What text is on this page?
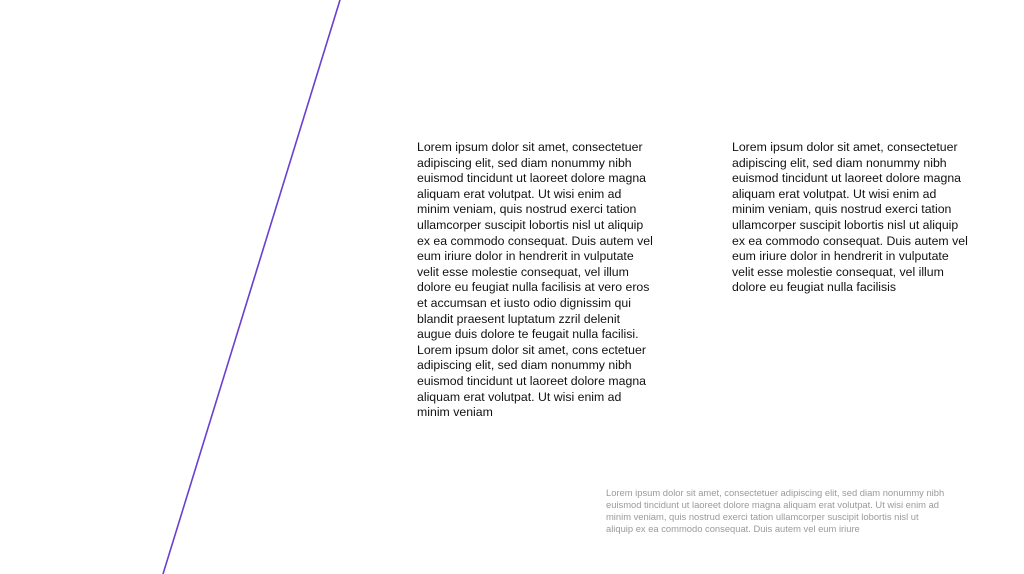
Lorem ipsum dolor sit amet, consectetuer
adipiscing elit, sed diam nonummy nibh
euismod tincidunt ut laoreet dolore magna
aliquam erat volutpat. Ut wisi enim ad
minim veniam, quis nostrud exerci tation
ullamcorper suscipit lobortis nisl ut aliquip
ex ea commodo consequat. Duis autem vel
eum iriure dolor in hendrerit in vulputate
velit esse molestie consequat, vel illum
dolore eu feugiat nulla facilisis at vero eros
et accumsan et iusto odio dignissim qui
blandit praesent luptatum zzril delenit
augue duis dolore te feugait nulla facilisi.
Lorem ipsum dolor sit amet, cons ectetuer
adipiscing elit, sed diam nonummy nibh
euismod tincidunt ut laoreet dolore magna
aliquam erat volutpat. Ut wisi enim ad
minim veniam
Lorem ipsum dolor sit amet, consectetuer
adipiscing elit, sed diam nonummy nibh
euismod tincidunt ut laoreet dolore magna
aliquam erat volutpat. Ut wisi enim ad
minim veniam, quis nostrud exerci tation
ullamcorper suscipit lobortis nisl ut aliquip
ex ea commodo consequat. Duis autem vel
eum iriure dolor in hendrerit in vulputate
velit esse molestie consequat, vel illum
dolore eu feugiat nulla facilisis
Lorem ipsum dolor sit amet, consectetuer adipiscing elit, sed diam nonummy nibh
euismod tincidunt ut laoreet dolore magna aliquam erat volutpat. Ut wisi enim ad
minim veniam, quis nostrud exerci tation ullamcorper suscipit lobortis nisl ut
aliquip ex ea commodo consequat. Duis autem vel eum iriure
